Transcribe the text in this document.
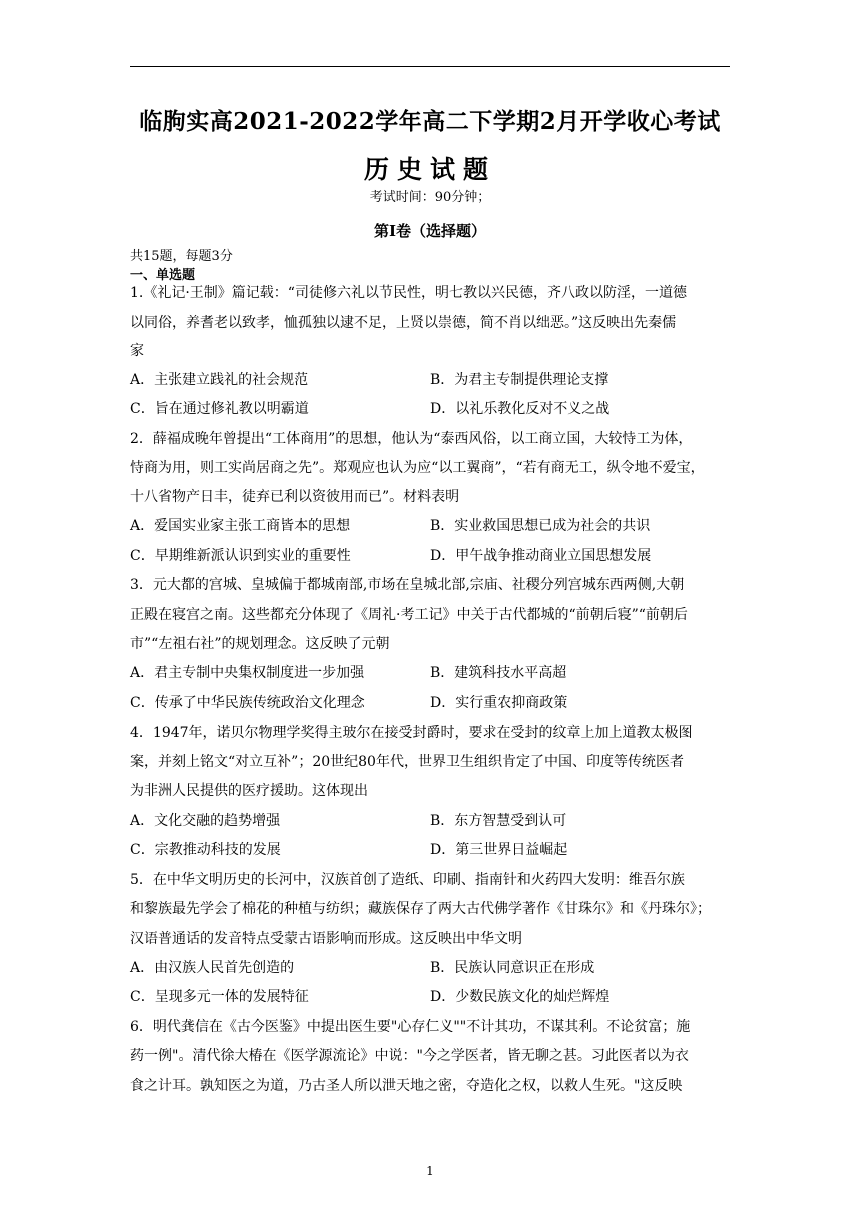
临朐实高2021-2022学年高二下学期2月开学收心考试
历史试题
考试时间：90分钟；
第Ⅰ卷（选择题）
共15题，每题3分
一、单选题
1.《礼记·王制》篇记载：“司徒修六礼以节民性，明七教以兴民德，齐八政以防淫，一道德
以同俗，养耆老以致孝，恤孤独以逮不足，上贤以崇德，简不肖以绌恶。”这反映出先秦儒
家
A．主张建立践礼的社会规范	B．为君主专制提供理论支撑
C．旨在通过修礼教以明霸道	D．以礼乐教化反对不义之战
2．薛福成晚年曾提出“工体商用”的思想，他认为“泰西风俗，以工商立国，大较恃工为体，
恃商为用，则工实尚居商之先”。郑观应也认为应“以工翼商”，“若有商无工，纵令地不爱宝，
十八省物产日丰，徒弃已利以资彼用而已”。材料表明
A．爱国实业家主张工商皆本的思想	B．实业救国思想已成为社会的共识
C．早期维新派认识到实业的重要性	D．甲午战争推动商业立国思想发展
3．元大都的宫城、皇城偏于都城南部,市场在皇城北部,宗庙、社稷分列宫城东西两侧,大朝
正殿在寝宫之南。这些都充分体现了《周礼·考工记》中关于古代都城的“前朝后寝”“前朝后
市”“左祖右社”的规划理念。这反映了元朝
A．君主专制中央集权制度进一步加强	B．建筑科技水平高超
C．传承了中华民族传统政治文化理念	D．实行重农抑商政策
4．1947年，诺贝尔物理学奖得主玻尔在接受封爵时，要求在受封的纹章上加上道教太极图
案，并刻上铭文“对立互补”；20世纪80年代，世界卫生组织肯定了中国、印度等传统医者
为非洲人民提供的医疗援助。这体现出
A．文化交融的趋势增强	B．东方智慧受到认可
C．宗教推动科技的发展	D．第三世界日益崛起
5．在中华文明历史的长河中，汉族首创了造纸、印刷、指南针和火药四大发明：维吾尔族
和黎族最先学会了棉花的种植与纺织；藏族保存了两大古代佛学著作《甘珠尔》和《丹珠尔》；
汉语普通话的发音特点受蒙古语影响而形成。这反映出中华文明
A．由汉族人民首先创造的	B．民族认同意识正在形成
C．呈现多元一体的发展特征	D．少数民族文化的灿烂辉煌
6．明代龚信在《古今医鉴》中提出医生要"心存仁义""不计其功，不谋其利。不论贫富；施
药一例"。清代徐大椿在《医学源流论》中说："今之学医者，皆无聊之甚。习此医者以为衣
食之计耳。孰知医之为道，乃古圣人所以泄天地之密，夺造化之权，以救人生死。"这反映
1
